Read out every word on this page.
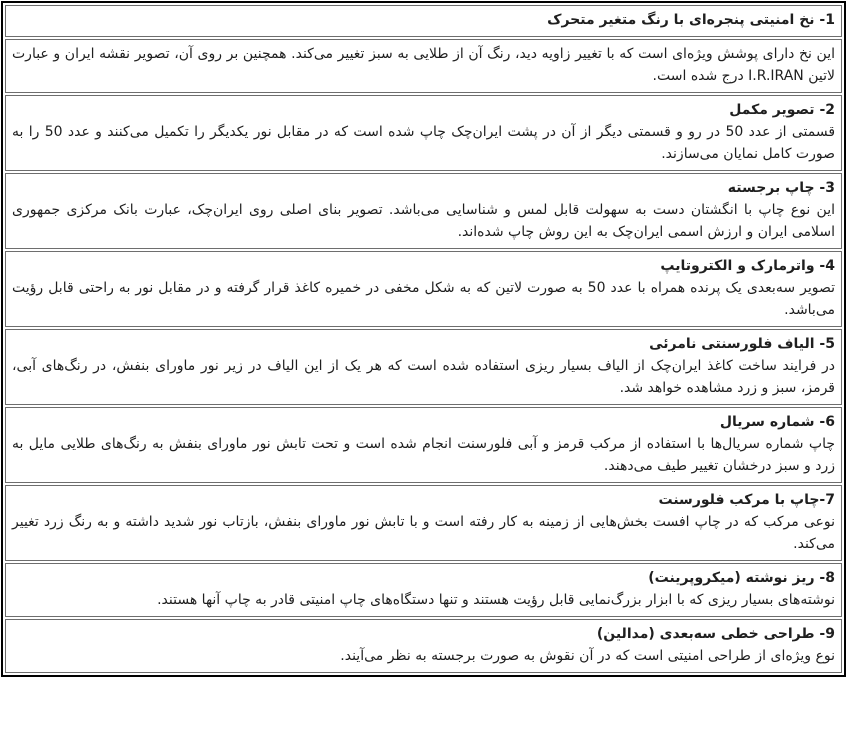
1- نخ امنیتی پنجره‌ای با رنگ متغیر متحرک

این نخ دارای پوشش ویژه‌ای است که با تغییر زاویه دید، رنگ آن از طلایی به سبز تغییر می‌کند. همچنین بر روی آن، تصویر نقشه ایران و عبارت لاتین I.R.IRAN درج شده است.

2- تصویر مکمل
قسمتی از عدد 50 در رو و قسمتی دیگر از آن در پشت ایران‌چک چاپ شده است که در مقابل نور یکدیگر را تکمیل می‌کنند و عدد 50 را به صورت کامل نمایان می‌سازند.

3- چاپ برجسته
این نوع چاپ با انگشتان دست به سهولت قابل لمس و شناسایی می‌باشد. تصویر بنای اصلی روی ایران‌چک، عبارت بانک مرکزی جمهوری اسلامی ایران و ارزش اسمی ایران‌چک به این روش چاپ شده‌اند.

4- واترمارک و الکتروتایپ
تصویر سه‌بعدی یک پرنده همراه با عدد 50 به صورت لاتین که به شکل مخفی در خمیره کاغذ قرار گرفته و در مقابل نور به راحتی قابل رؤیت می‌باشد.

5- الیاف فلورسنتی نامرئی
در فرایند ساخت کاغذ ایران‌چک از الیاف بسیار ریزی استفاده شده است که هر یک از این الیاف در زیر نور ماورای بنفش، در رنگ‌های آبی، قرمز، سبز و زرد مشاهده خواهد شد.

6- شماره سریال
چاپ شماره سریال‌ها با استفاده از مرکب قرمز و آبی فلورسنت انجام شده است و تحت تابش نور ماورای بنفش به رنگ‌های طلایی مایل به زرد و سبز درخشان تغییر طیف می‌دهند.

7-چاپ با مرکب فلورسنت
نوعی مرکب که در چاپ افست بخش‌هایی از زمینه به کار رفته است و با تابش نور ماورای بنفش، بازتاب نور شدید داشته و به رنگ زرد تغییر می‌کند.

8- ریز نوشته (میکروپرینت)
نوشته‌های بسیار ریزی که با ابزار بزرگ‌نمایی قابل رؤیت هستند و تنها دستگاه‌های چاپ امنیتی قادر به چاپ آنها هستند.

9- طراحی خطی سه‌بعدی (مدالین)
نوع ویژه‌ای از طراحی امنیتی است که در آن نقوش به صورت برجسته به نظر می‌آیند.
